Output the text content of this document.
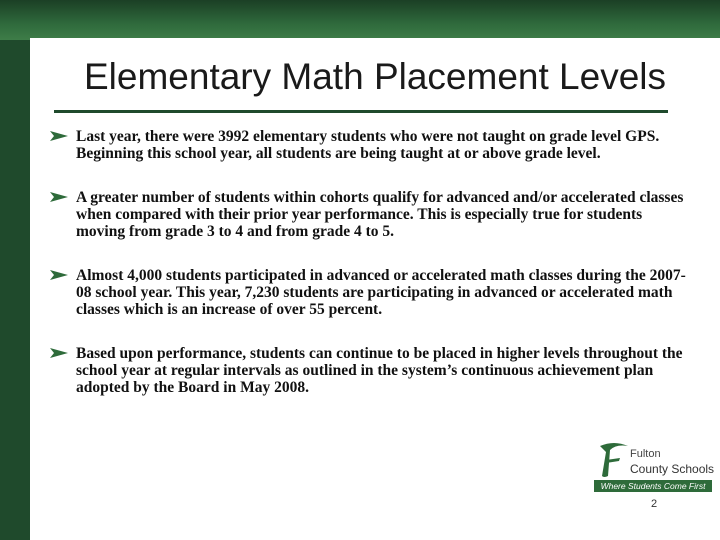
Elementary Math Placement Levels
Last year, there were 3992 elementary students who were not taught on grade level GPS. Beginning this school year, all students are being taught at or above grade level.
A greater number of students within cohorts qualify for advanced and/or accelerated classes when compared with their prior year performance. This is especially true for students moving from grade 3 to 4 and from grade 4 to 5.
Almost 4,000 students participated in advanced or accelerated math classes during the 2007-08 school year. This year, 7,230 students are participating in advanced or accelerated math classes which is an increase of over 55 percent.
Based upon performance, students can continue to be placed in higher levels throughout the school year at regular intervals as outlined in the system’s continuous achievement plan adopted by the Board in May 2008.
Fulton
County Schools
Where Students Come First
2
